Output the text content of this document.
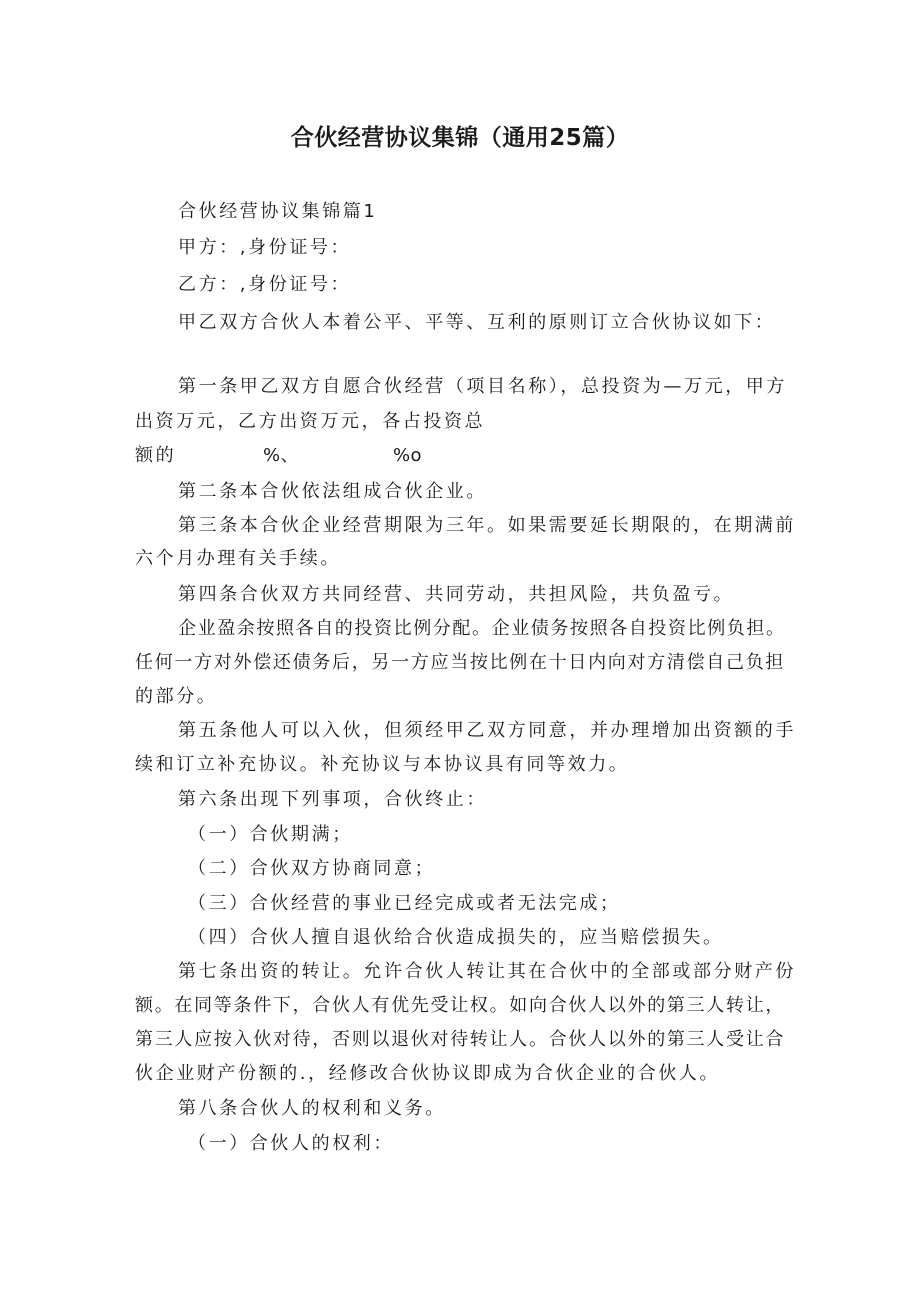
合伙经营协议集锦（通用25篇）

合伙经营协议集锦篇1

甲方：,身份证号：

乙方：,身份证号：

甲乙双方合伙人本着公平、平等、互利的原则订立合伙协议如下：

第一条甲乙双方自愿合伙经营（项目名称），总投资为—万元，甲方

出资万元，乙方出资万元，各占投资总

额的	%、	%o

第二条本合伙依法组成合伙企业。

第三条本合伙企业经营期限为三年。如果需要延长期限的，在期满前

六个月办理有关手续。

第四条合伙双方共同经营、共同劳动，共担风险，共负盈亏。

企业盈余按照各自的投资比例分配。企业债务按照各自投资比例负担。

任何一方对外偿还债务后，另一方应当按比例在十日内向对方清偿自己负担

的部分。

第五条他人可以入伙，但须经甲乙双方同意，并办理增加出资额的手

续和订立补充协议。补充协议与本协议具有同等效力。

第六条出现下列事项，合伙终止：

（一）合伙期满；

（二）合伙双方协商同意；

（三）合伙经营的事业已经完成或者无法完成；

（四）合伙人擅自退伙给合伙造成损失的，应当赔偿损失。

第七条出资的转让。允许合伙人转让其在合伙中的全部或部分财产份

额。在同等条件下，合伙人有优先受让权。如向合伙人以外的第三人转让，

第三人应按入伙对待，否则以退伙对待转让人。合伙人以外的第三人受让合

伙企业财产份额的.，经修改合伙协议即成为合伙企业的合伙人。

第八条合伙人的权利和义务。

（一）合伙人的权利：
